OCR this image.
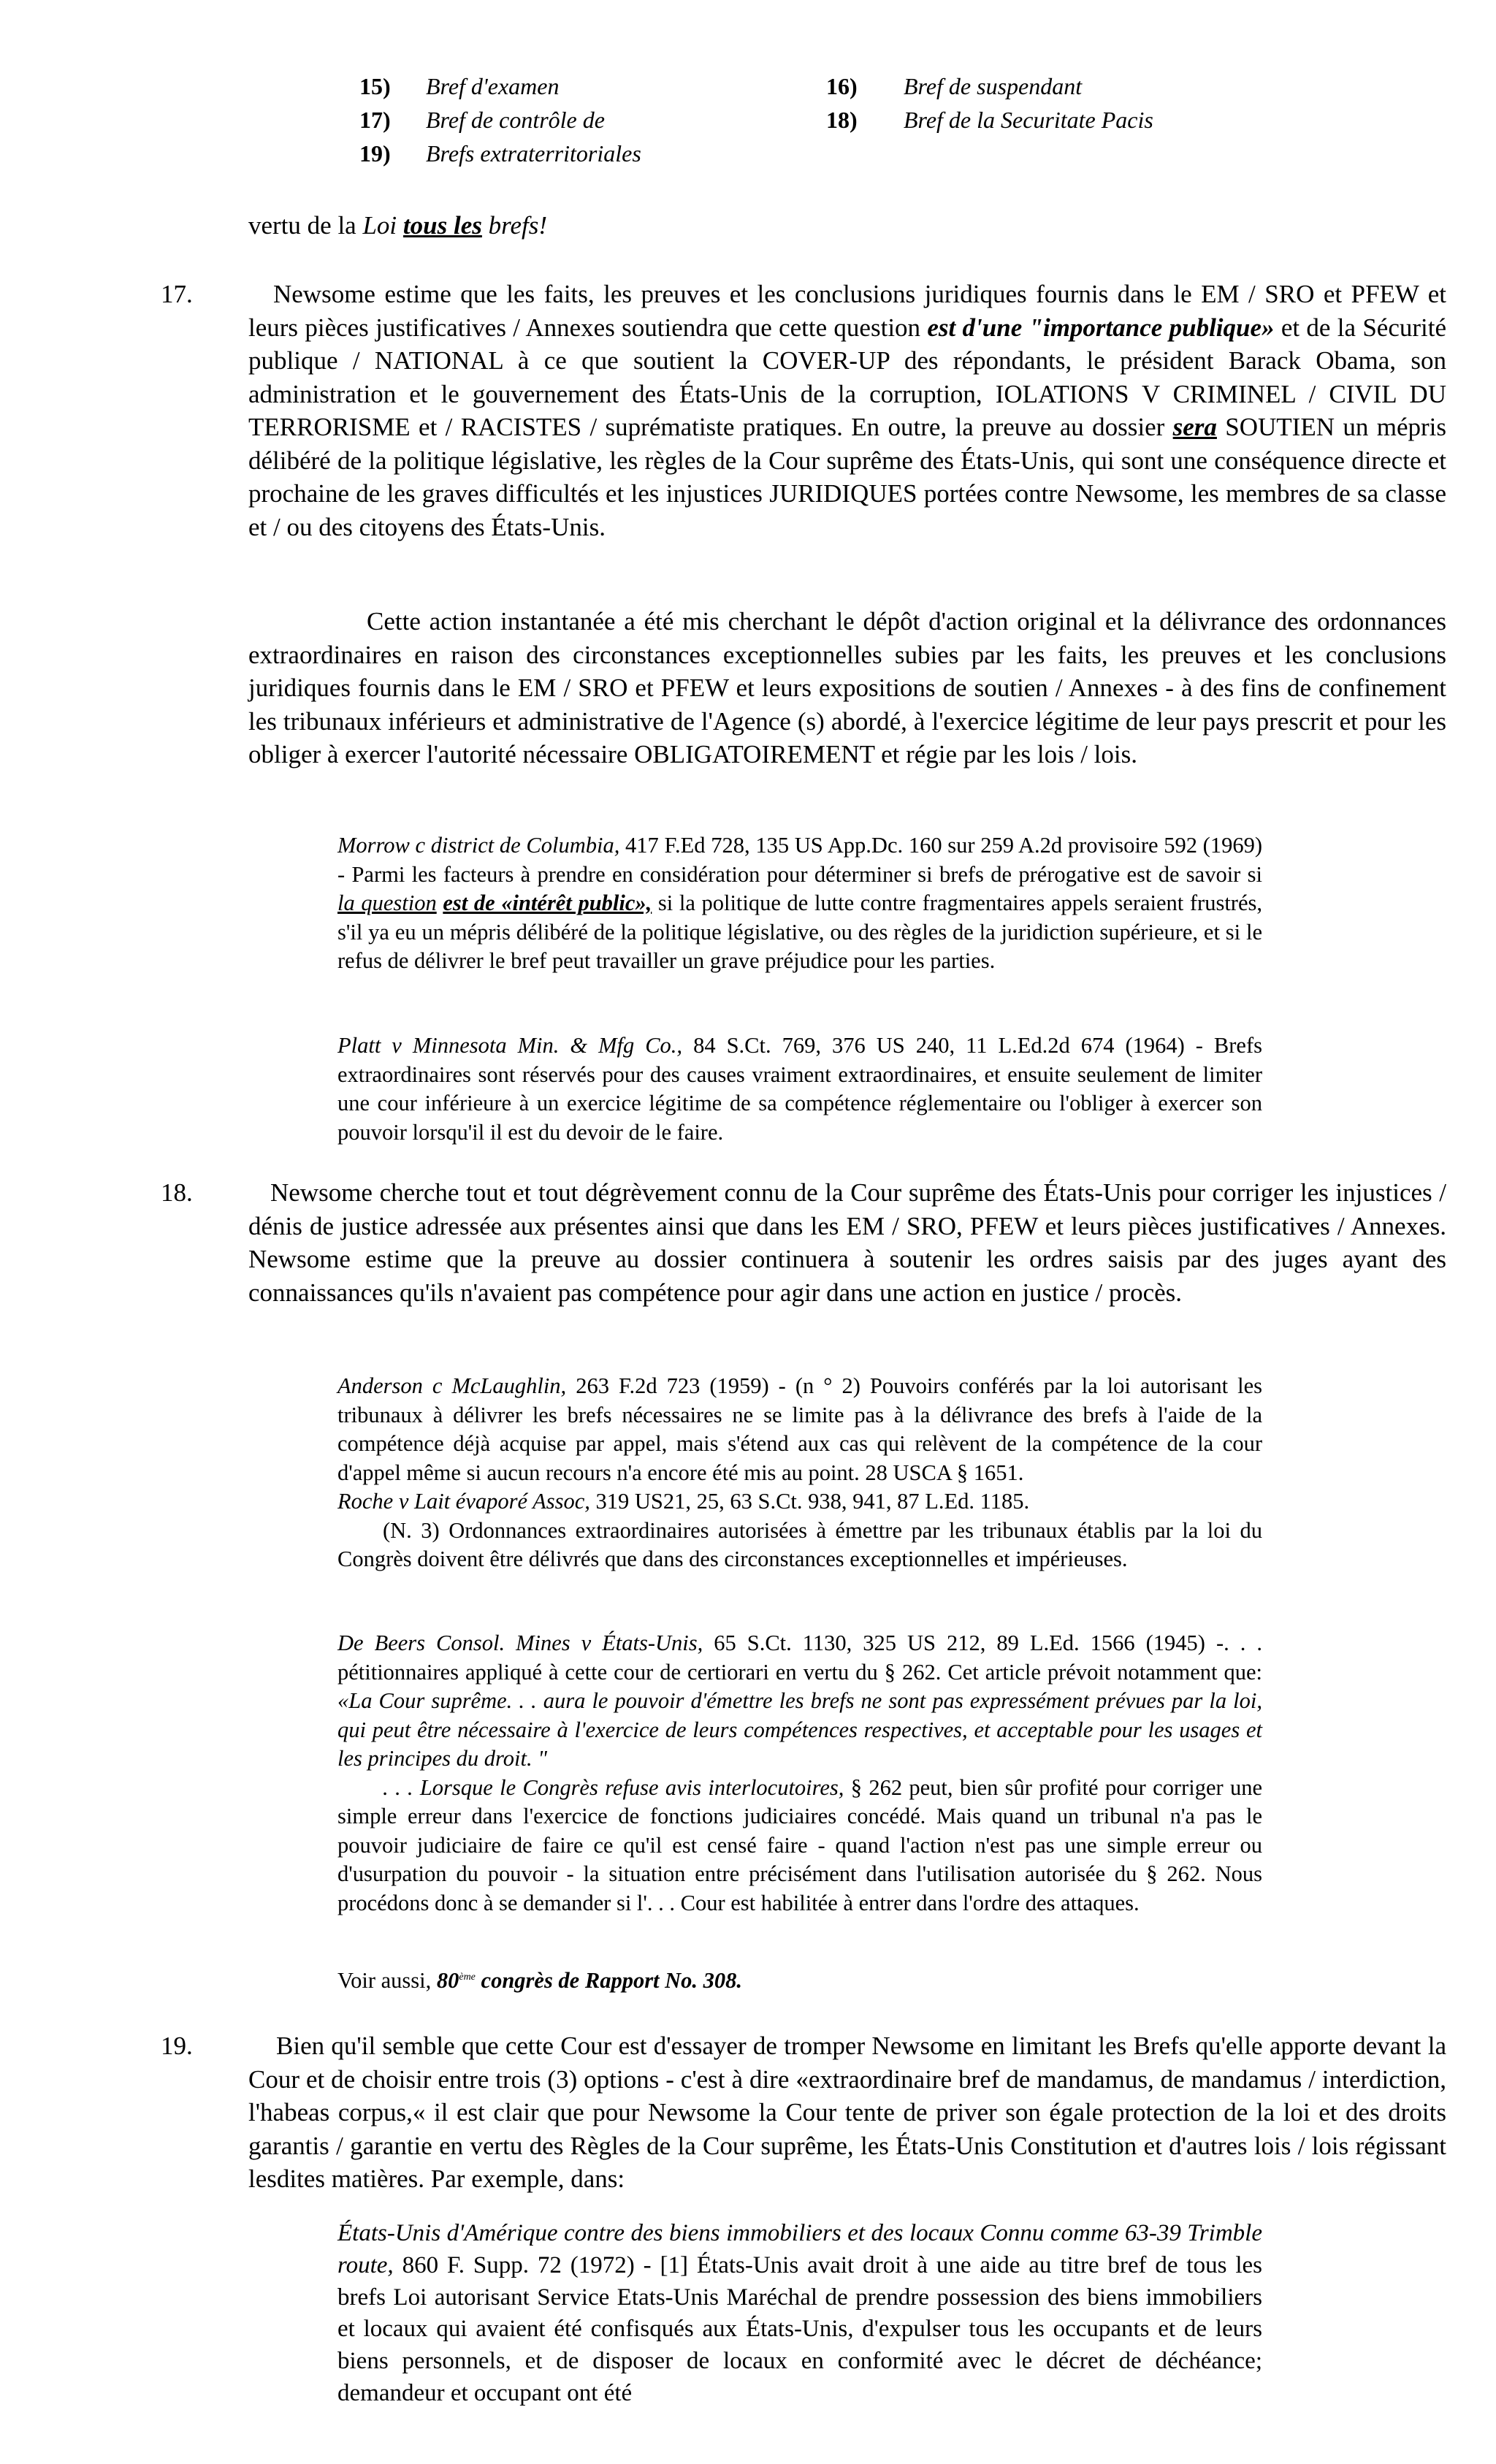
15) Bref d'examen	16) Bref de suspendant
17) Bref de contrôle de	18) Bref de la Securitate Pacis
19) Brefs extraterritoriales
vertu de la Loi tous les brefs!
17.	Newsome estime que les faits, les preuves et les conclusions juridiques fournis dans le EM / SRO et PFEW et leurs pièces justificatives / Annexes soutiendra que cette question est d'une "importance publique» et de la Sécurité publique / NATIONAL à ce que soutient la COVER-UP des répondants, le président Barack Obama, son administration et le gouvernement des États-Unis de la corruption, IOLATIONS V CRIMINEL / CIVIL DU TERRORISME et / RACISTES / suprématiste pratiques. En outre, la preuve au dossier sera SOUTIEN un mépris délibéré de la politique législative, les règles de la Cour suprême des États-Unis, qui sont une conséquence directe et prochaine de les graves difficultés et les injustices JURIDIQUES portées contre Newsome, les membres de sa classe et / ou des citoyens des États-Unis.
Cette action instantanée a été mis cherchant le dépôt d'action original et la délivrance des ordonnances extraordinaires en raison des circonstances exceptionnelles subies par les faits, les preuves et les conclusions juridiques fournis dans le EM / SRO et PFEW et leurs expositions de soutien / Annexes - à des fins de confinement les tribunaux inférieurs et administrative de l'Agence (s) abordé, à l'exercice légitime de leur pays prescrit et pour les obliger à exercer l'autorité nécessaire OBLIGATOIREMENT et régie par les lois / lois.
Morrow c district de Columbia, 417 F.Ed 728, 135 US App.Dc. 160 sur 259 A.2d provisoire 592 (1969) - Parmi les facteurs à prendre en considération pour déterminer si brefs de prérogative est de savoir si la question est de «intérêt public», si la politique de lutte contre fragmentaires appels seraient frustrés, s'il ya eu un mépris délibéré de la politique législative, ou des règles de la juridiction supérieure, et si le refus de délivrer le bref peut travailler un grave préjudice pour les parties.
Platt v Minnesota Min. & Mfg Co., 84 S.Ct. 769, 376 US 240, 11 L.Ed.2d 674 (1964) - Brefs extraordinaires sont réservés pour des causes vraiment extraordinaires, et ensuite seulement de limiter une cour inférieure à un exercice légitime de sa compétence réglementaire ou l'obliger à exercer son pouvoir lorsqu'il il est du devoir de le faire.
18.	Newsome cherche tout et tout dégrèvement connu de la Cour suprême des États-Unis pour corriger les injustices / dénis de justice adressée aux présentes ainsi que dans les EM / SRO, PFEW et leurs pièces justificatives / Annexes. Newsome estime que la preuve au dossier continuera à soutenir les ordres saisis par des juges ayant des connaissances qu'ils n'avaient pas compétence pour agir dans une action en justice / procès.
Anderson c McLaughlin, 263 F.2d 723 (1959) - (n ° 2) Pouvoirs conférés par la loi autorisant les tribunaux à délivrer les brefs nécessaires ne se limite pas à la délivrance des brefs à l'aide de la compétence déjà acquise par appel, mais s'étend aux cas qui relèvent de la compétence de la cour d'appel même si aucun recours n'a encore été mis au point. 28 USCA § 1651.
Roche v Lait évaporé Assoc, 319 US21, 25, 63 S.Ct. 938, 941, 87 L.Ed. 1185.
(N. 3) Ordonnances extraordinaires autorisées à émettre par les tribunaux établis par la loi du Congrès doivent être délivrés que dans des circonstances exceptionnelles et impérieuses.
De Beers Consol. Mines v États-Unis, 65 S.Ct. 1130, 325 US 212, 89 L.Ed. 1566 (1945) -. . . pétitionnaires appliqué à cette cour de certiorari en vertu du § 262. Cet article prévoit notamment que: «La Cour suprême. . . aura le pouvoir d'émettre les brefs ne sont pas expressément prévues par la loi, qui peut être nécessaire à l'exercice de leurs compétences respectives, et acceptable pour les usages et les principes du droit. "
. . . Lorsque le Congrès refuse avis interlocutoires, § 262 peut, bien sûr profité pour corriger une simple erreur dans l'exercice de fonctions judiciaires concédé. Mais quand un tribunal n'a pas le pouvoir judiciaire de faire ce qu'il est censé faire - quand l'action n'est pas une simple erreur ou d'usurpation du pouvoir - la situation entre précisément dans l'utilisation autorisée du § 262. Nous procédons donc à se demander si l'. . . Cour est habilitée à entrer dans l'ordre des attaques.
Voir aussi, 80ème congrès de Rapport No. 308.
19.	Bien qu'il semble que cette Cour est d'essayer de tromper Newsome en limitant les Brefs qu'elle apporte devant la Cour et de choisir entre trois (3) options - c'est à dire «extraordinaire bref de mandamus, de mandamus / interdiction, l'habeas corpus,« il est clair que pour Newsome la Cour tente de priver son égale protection de la loi et des droits garantis / garantie en vertu des Règles de la Cour suprême, les États-Unis Constitution et d'autres lois / lois régissant lesdites matières. Par exemple, dans:
États-Unis d'Amérique contre des biens immobiliers et des locaux Connu comme 63-39 Trimble route, 860 F. Supp. 72 (1972) - [1] États-Unis avait droit à une aide au titre bref de tous les brefs Loi autorisant Service Etats-Unis Maréchal de prendre possession des biens immobiliers et locaux qui avaient été confisqués aux États-Unis, d'expulser tous les occupants et de leurs biens personnels, et de disposer de locaux en conformité avec le décret de déchéance; demandeur et occupant ont été
